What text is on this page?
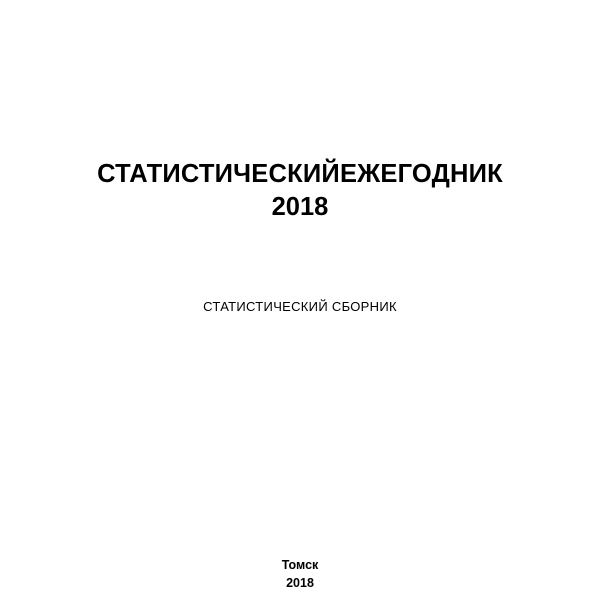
СТАТИСТИЧЕСКИЙЕЖЕГОДНИК
2018

СТАТИСТИЧЕСКИЙ СБОРНИК

Томск

2018
